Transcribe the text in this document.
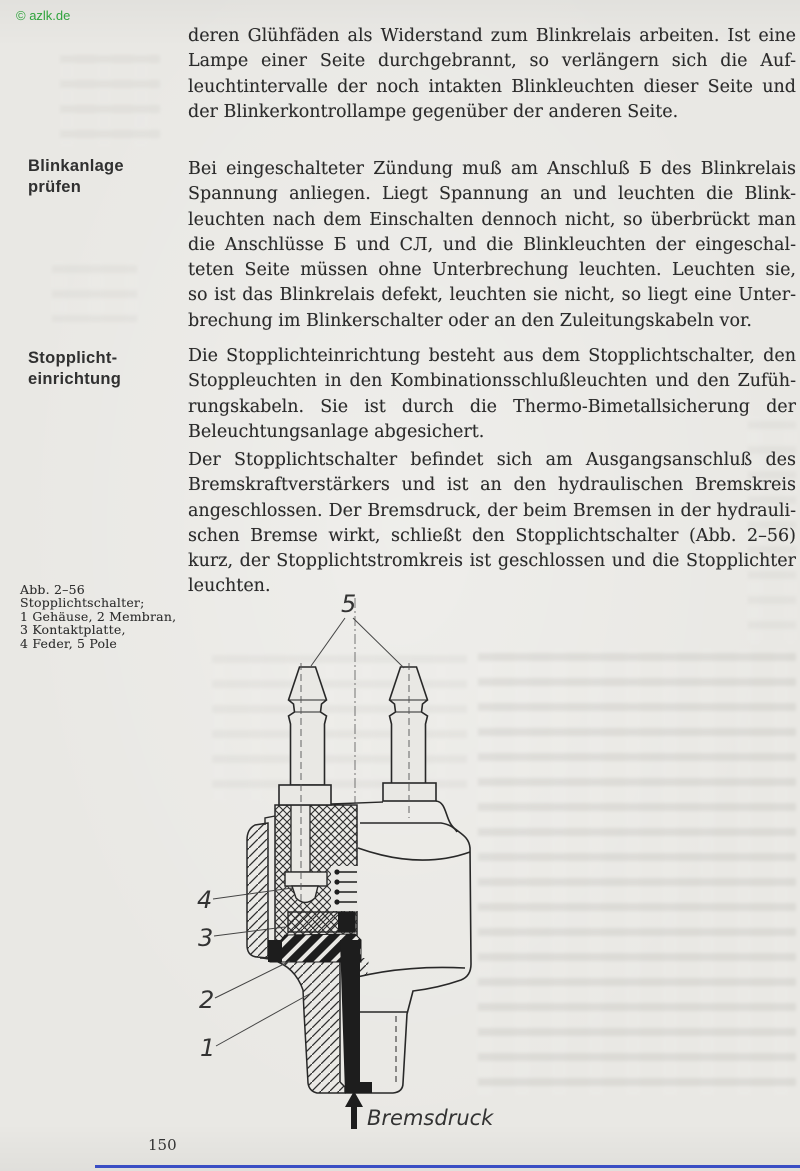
© azlk.de
Blinkanlage
prüfen
Stopplicht-
einrichtung
deren Glühfäden als Widerstand zum Blinkrelais arbeiten. Ist eine
Lampe einer Seite durchgebrannt, so verlängern sich die Auf-
leuchtintervalle der noch intakten Blinkleuchten dieser Seite und
der Blinkerkontrollampe gegenüber der anderen Seite.
Bei eingeschalteter Zündung muß am Anschluß Б des Blinkrelais
Spannung anliegen. Liegt Spannung an und leuchten die Blink-
leuchten nach dem Einschalten dennoch nicht, so überbrückt man
die Anschlüsse Б und СЛ, und die Blinkleuchten der eingeschal-
teten Seite müssen ohne Unterbrechung leuchten. Leuchten sie,
so ist das Blinkrelais defekt, leuchten sie nicht, so liegt eine Unter-
brechung im Blinkerschalter oder an den Zuleitungskabeln vor.
Die Stopplichteinrichtung besteht aus dem Stopplichtschalter, den
Stoppleuchten in den Kombinationsschlußleuchten und den Zufüh-
rungskabeln. Sie ist durch die Thermo-Bimetallsicherung der
Beleuchtungsanlage abgesichert.
Der Stopplichtschalter befindet sich am Ausgangsanschluß des
Bremskraftverstärkers und ist an den hydraulischen Bremskreis
angeschlossen. Der Bremsdruck, der beim Bremsen in der hydrauli-
schen Bremse wirkt, schließt den Stopplichtschalter (Abb. 2–56)
kurz, der Stopplichtstromkreis ist geschlossen und die Stopplichter
leuchten.
Abb. 2–56
Stopplichtschalter;
1 Gehäuse, 2 Membran,
3 Kontaktplatte,
4 Feder, 5 Pole
5
4
3
2
1
Bremsdruck
150
